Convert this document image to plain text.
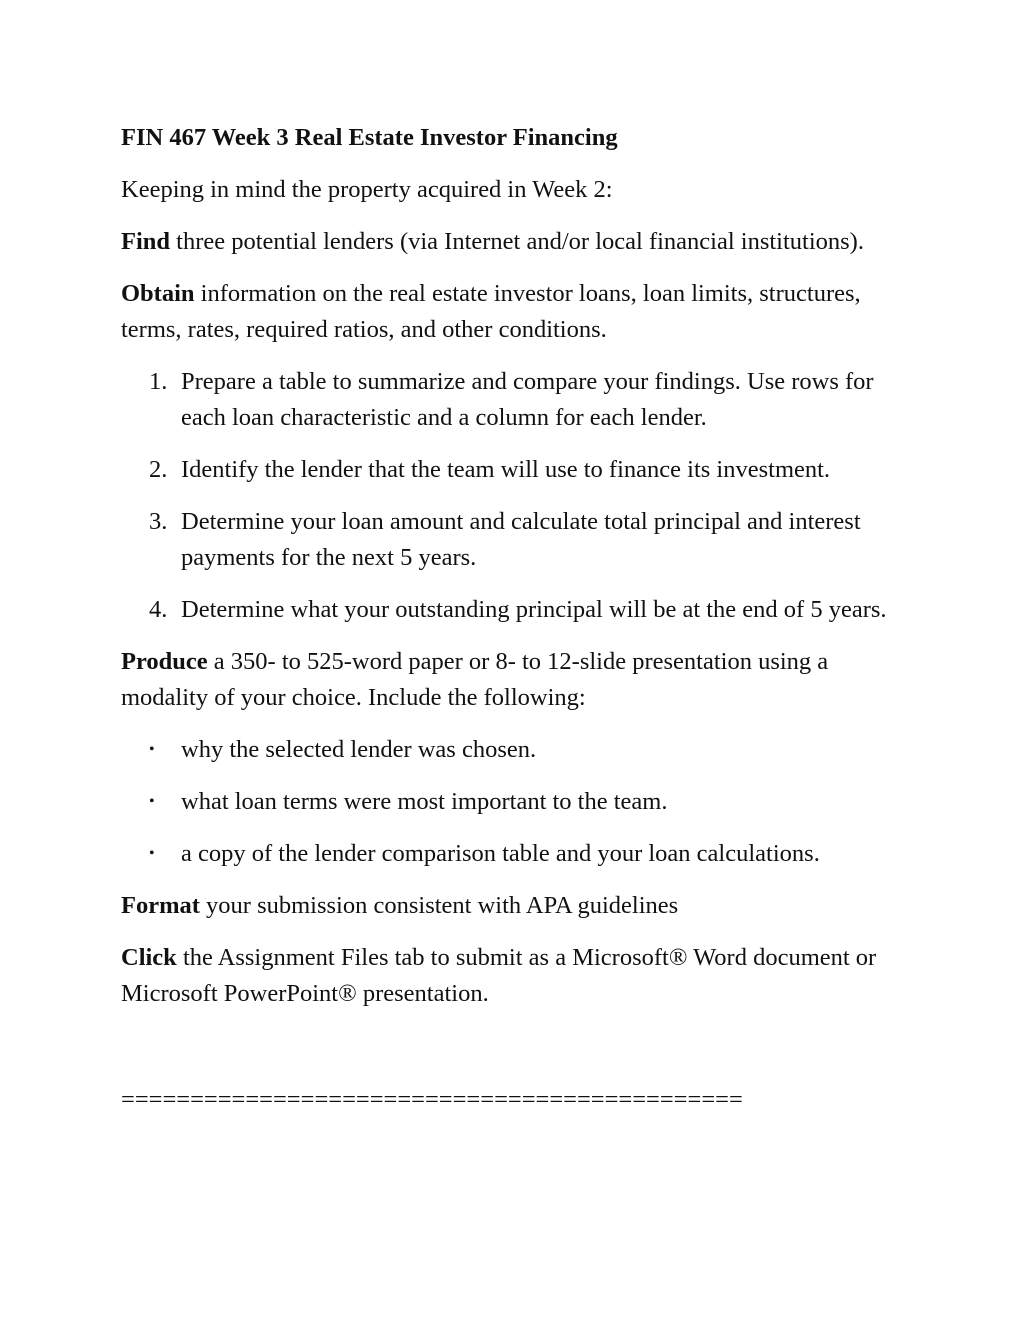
FIN 467 Week 3 Real Estate Investor Financing
Keeping in mind the property acquired in Week 2:
Find three potential lenders (via Internet and/or local financial institutions).
Obtain information on the real estate investor loans, loan limits, structures, terms, rates, required ratios, and other conditions.
1. Prepare a table to summarize and compare your findings. Use rows for each loan characteristic and a column for each lender.
2. Identify the lender that the team will use to finance its investment.
3. Determine your loan amount and calculate total principal and interest payments for the next 5 years.
4. Determine what your outstanding principal will be at the end of 5 years.
Produce a 350- to 525-word paper or 8- to 12-slide presentation using a modality of your choice. Include the following:
• why the selected lender was chosen.
• what loan terms were most important to the team.
• a copy of the lender comparison table and your loan calculations.
Format your submission consistent with APA guidelines
Click the Assignment Files tab to submit as a Microsoft® Word document or Microsoft PowerPoint® presentation.
=============================================
